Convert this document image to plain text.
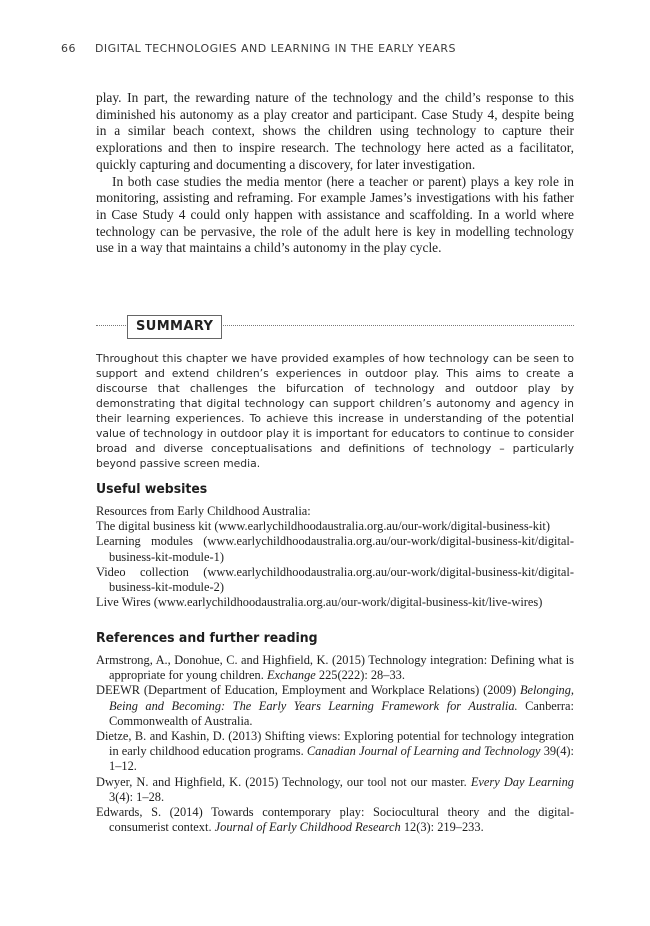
66 DIGITAL TECHNOLOGIES AND LEARNING IN THE EARLY YEARS

play. In part, the rewarding nature of the technology and the child’s response to this diminished his autonomy as a play creator and participant. Case Study 4, despite being in a similar beach context, shows the children using technology to capture their explorations and then to inspire research. The technology here acted as a facilitator, quickly capturing and documenting a discovery, for later investigation.

In both case studies the media mentor (here a teacher or parent) plays a key role in monitoring, assisting and reframing. For example James’s investigations with his father in Case Study 4 could only happen with assistance and scaffolding. In a world where technology can be pervasive, the role of the adult here is key in modelling technology use in a way that maintains a child’s autonomy in the play cycle.

SUMMARY

Throughout this chapter we have provided examples of how technology can be seen to support and extend children’s experiences in outdoor play. This aims to create a discourse that challenges the bifurcation of technology and outdoor play by demonstrating that digital technology can support children’s autonomy and agency in their learning experiences. To achieve this increase in understanding of the potential value of technology in outdoor play it is important for educators to continue to consider broad and diverse conceptualisations and definitions of technology – particularly beyond passive screen media.

Useful websites

Resources from Early Childhood Australia:

The digital business kit (www.earlychildhoodaustralia.org.au/our-work/digital-business-kit)

Learning modules (www.earlychildhoodaustralia.org.au/our-work/digital-business-kit/digital-business-kit-module-1)

Video collection (www.earlychildhoodaustralia.org.au/our-work/digital-business-kit/digital-business-kit-module-2)

Live Wires (www.earlychildhoodaustralia.org.au/our-work/digital-business-kit/live-wires)

References and further reading

Armstrong, A., Donohue, C. and Highfield, K. (2015) Technology integration: Defining what is appropriate for young children. Exchange 225(222): 28–33.

DEEWR (Department of Education, Employment and Workplace Relations) (2009) Belonging, Being and Becoming: The Early Years Learning Framework for Australia. Canberra: Commonwealth of Australia.

Dietze, B. and Kashin, D. (2013) Shifting views: Exploring potential for technology integration in early childhood education programs. Canadian Journal of Learning and Technology 39(4): 1–12.

Dwyer, N. and Highfield, K. (2015) Technology, our tool not our master. Every Day Learning 3(4): 1–28.

Edwards, S. (2014) Towards contemporary play: Sociocultural theory and the digital-consumerist context. Journal of Early Childhood Research 12(3): 219–233.
